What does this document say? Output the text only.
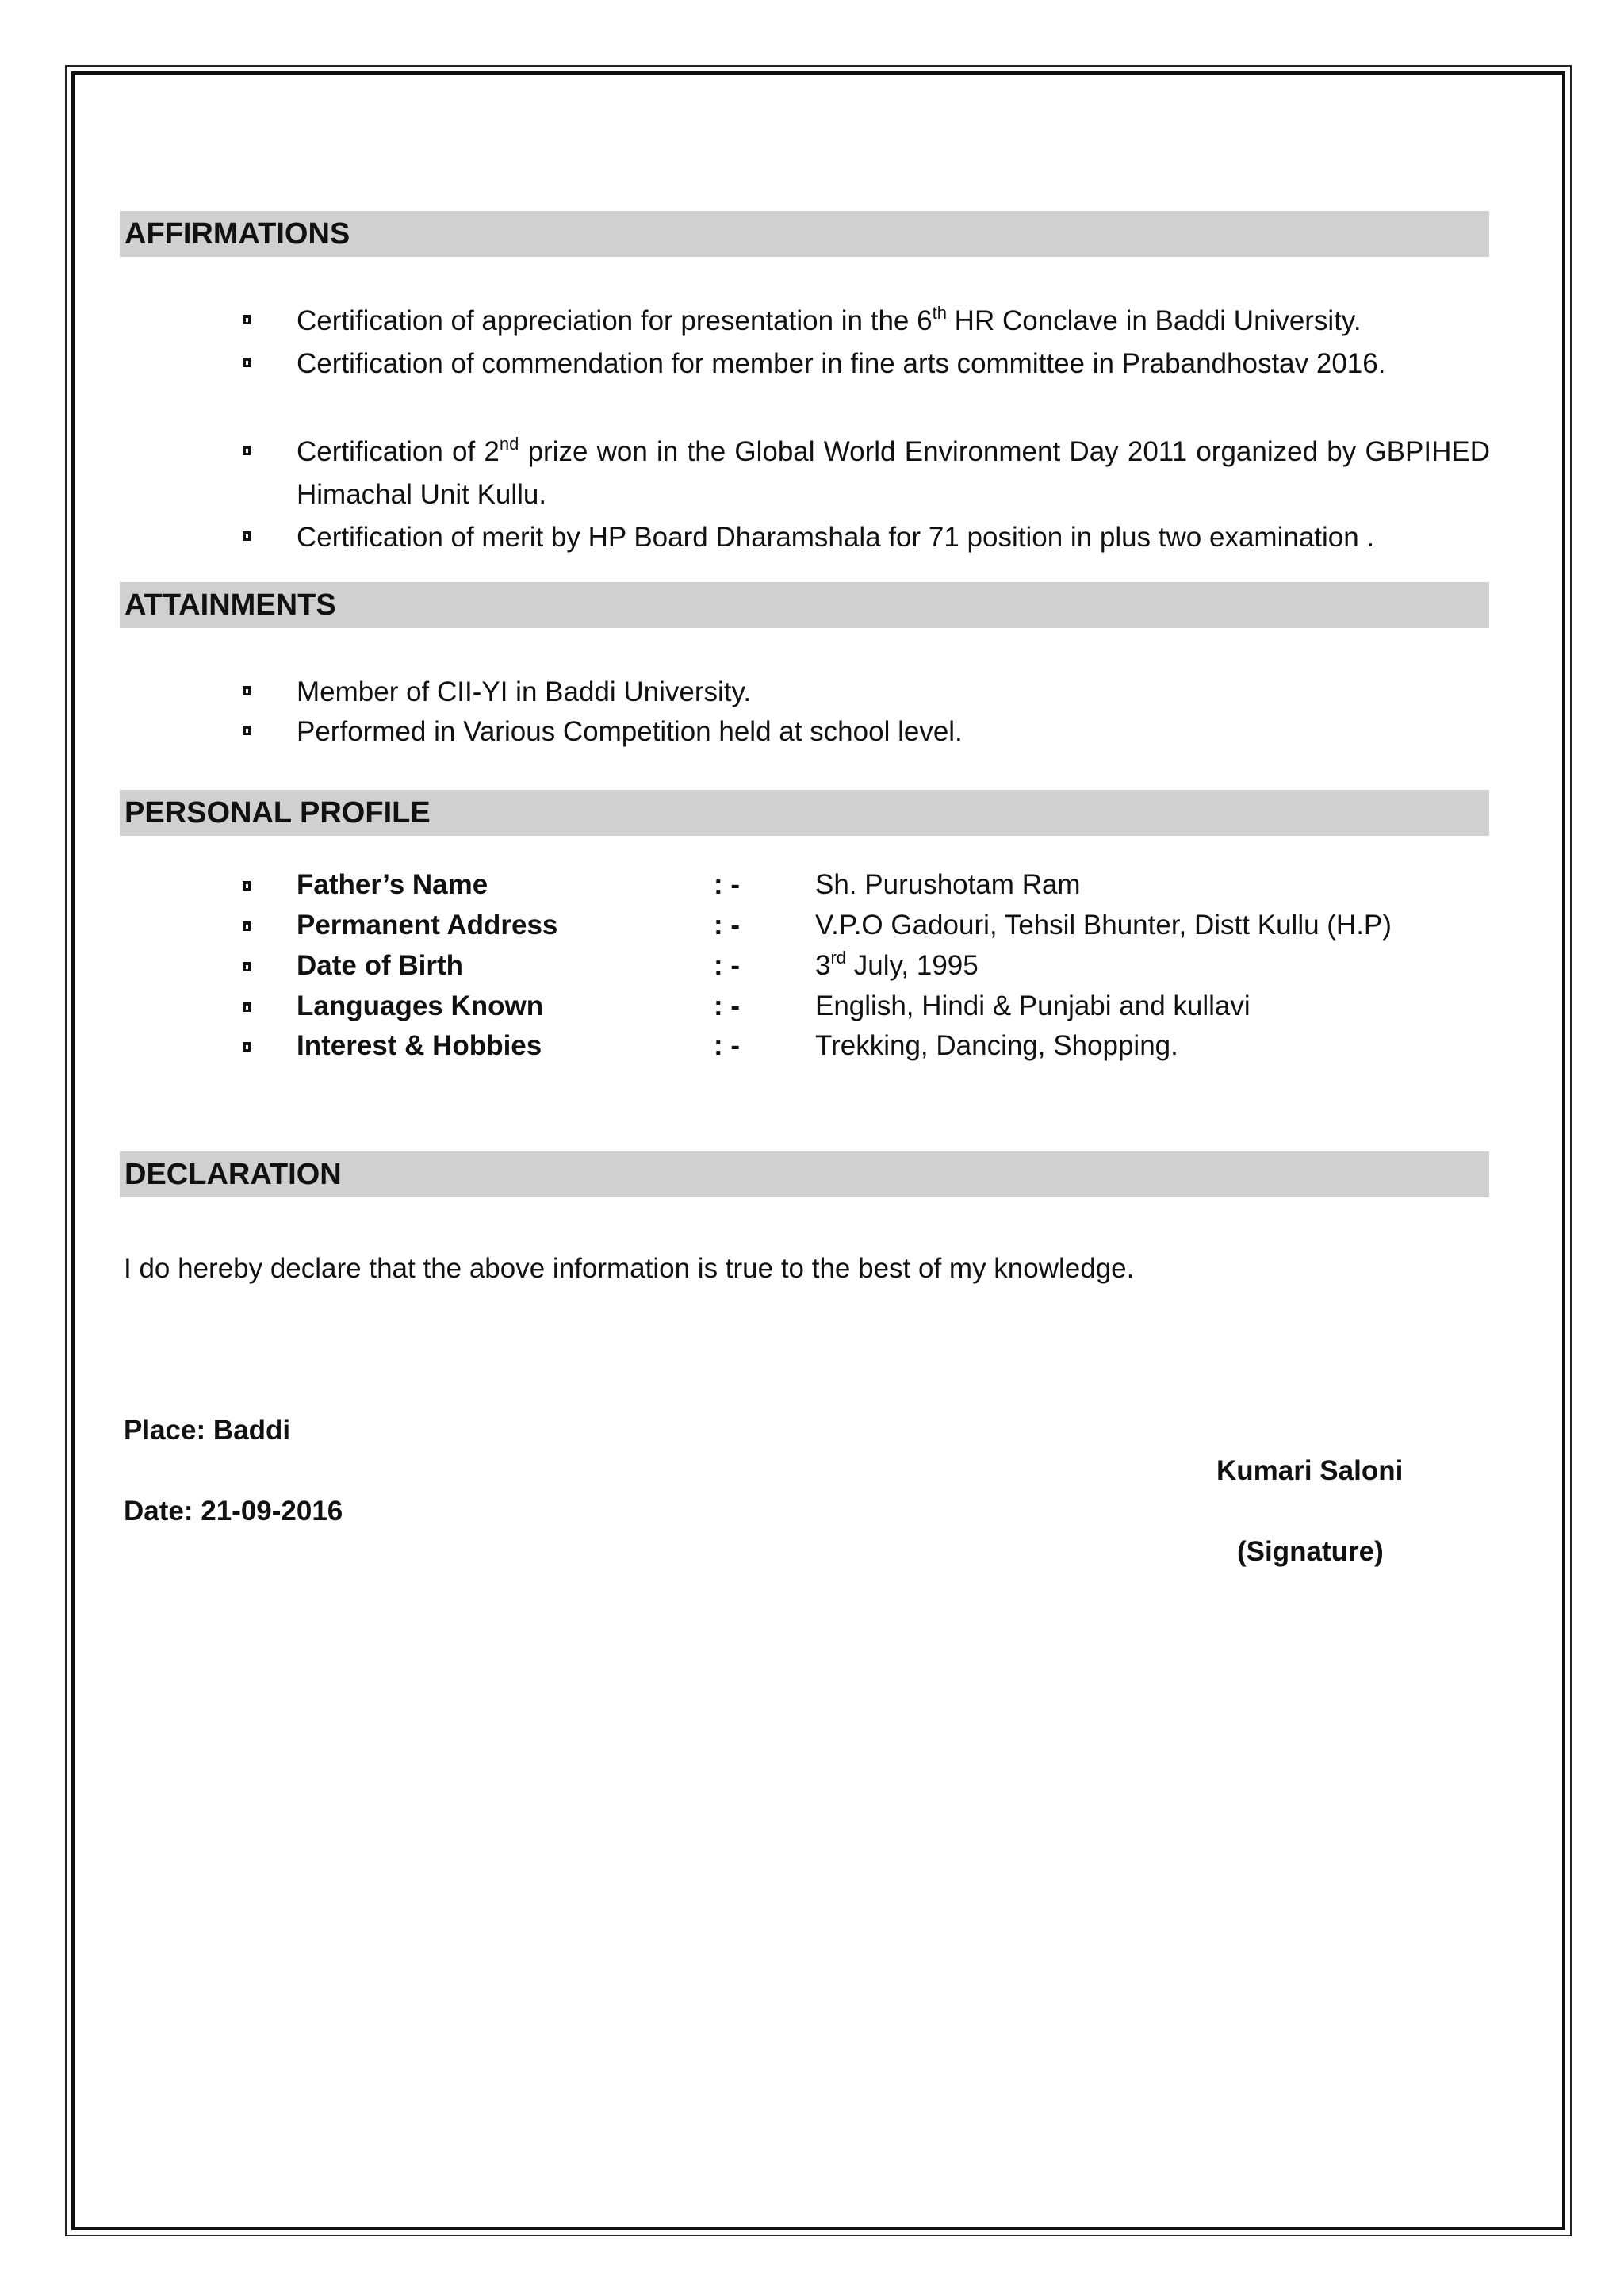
AFFIRMATIONS
Certification of appreciation for presentation in the 6th HR Conclave in Baddi University.
Certification of commendation for member in fine arts committee in Prabandhostav 2016.
Certification of 2nd prize won in the Global World Environment Day 2011 organized by GBPIHED Himachal Unit Kullu.
Certification of merit by HP Board Dharamshala for 71 position in plus two examination .
ATTAINMENTS
Member of CII-YI in Baddi University.
Performed in Various Competition held at school level.
PERSONAL PROFILE
Father’s Name	: -	Sh. Purushotam Ram
Permanent Address	: -	V.P.O Gadouri, Tehsil Bhunter, Distt Kullu (H.P)
Date of Birth	: -	3rd July, 1995
Languages Known	: -	English, Hindi & Punjabi and kullavi
Interest & Hobbies	: -	Trekking, Dancing, Shopping.
DECLARATION
I do hereby declare that the above information is true to the best of my knowledge.
Place: Baddi
Date: 21-09-2016
Kumari Saloni
(Signature)
